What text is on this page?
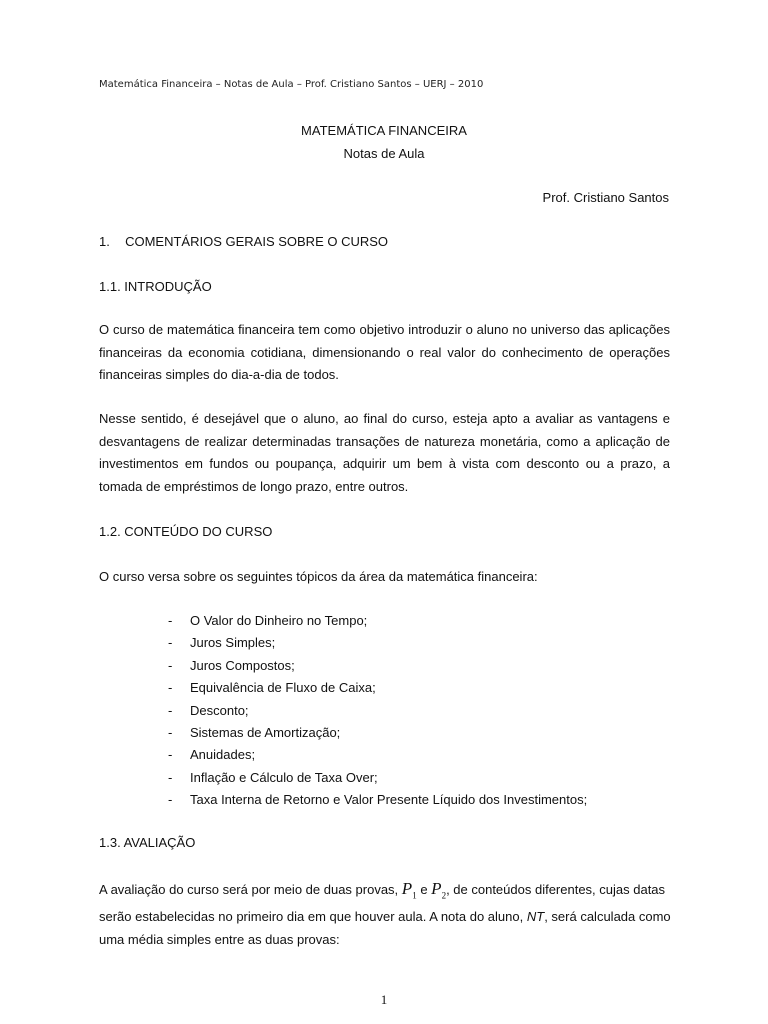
Matemática Financeira – Notas de Aula – Prof. Cristiano Santos – UERJ – 2010
MATEMÁTICA FINANCEIRA
Notas de Aula
Prof. Cristiano Santos
1. COMENTÁRIOS GERAIS SOBRE O CURSO
1.1. INTRODUÇÃO
O curso de matemática financeira tem como objetivo introduzir o aluno no universo das aplicações
financeiras da economia cotidiana, dimensionando o real valor do conhecimento de operações
financeiras simples do dia-a-dia de todos.
Nesse sentido, é desejável que o aluno, ao final do curso, esteja apto a avaliar as vantagens e
desvantagens de realizar determinadas transações de natureza monetária, como a aplicação de
investimentos em fundos ou poupança, adquirir um bem à vista com desconto ou a prazo, a
tomada de empréstimos de longo prazo, entre outros.
1.2. CONTEÚDO DO CURSO
O curso versa sobre os seguintes tópicos da área da matemática financeira:
- O Valor do Dinheiro no Tempo;
- Juros Simples;
- Juros Compostos;
- Equivalência de Fluxo de Caixa;
- Desconto;
- Sistemas de Amortização;
- Anuidades;
- Inflação e Cálculo de Taxa Over;
- Taxa Interna de Retorno e Valor Presente Líquido dos Investimentos;
1.3. AVALIAÇÃO
A avaliação do curso será por meio de duas provas, $P_1$ e $P_2$, de conteúdos diferentes, cujas datas
serão estabelecidas no primeiro dia em que houver aula. A nota do aluno, NT, será calculada como
uma média simples entre as duas provas:
1
